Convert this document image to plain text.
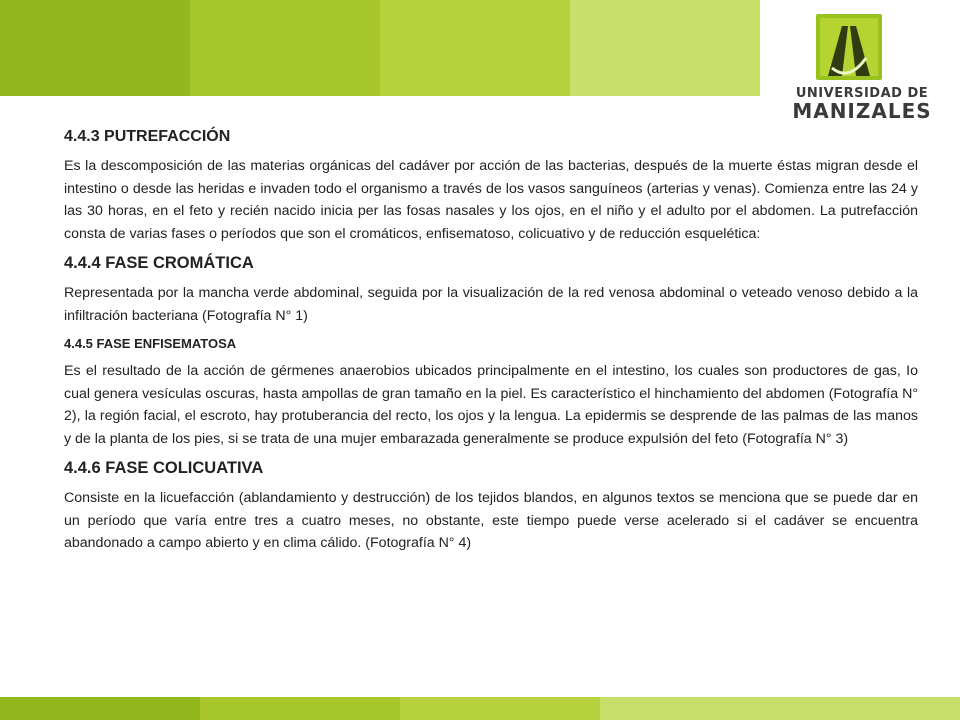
UNIVERSIDAD DE
MANIZALES
4.4.3 PUTREFACCIÓN

Es la descomposición de las materias orgánicas del cadáver por acción de las bacterias, después de la muerte éstas migran desde el intestino o desde las heridas e invaden todo el organismo a través de los vasos sanguíneos (arterias y venas). Comienza entre las 24 y las 30 horas, en el feto y recién nacido inicia per las fosas nasales y los ojos, en el niño y el adulto por el abdomen. La putrefacción consta de varias fases o períodos que son el cromáticos, enfisematoso, colicuativo y de reducción esquelética:

4.4.4 FASE CROMÁTICA

Representada por la mancha verde abdominal, seguida por la visualización de la red venosa abdominal o veteado venoso debido a la infiltración bacteriana (Fotografía N° 1)

4.4.5 FASE ENFISEMATOSA

Es el resultado de la acción de gérmenes anaerobios ubicados principalmente en el intestino, los cuales son productores de gas, Io cual genera vesículas oscuras, hasta ampollas de gran tamaño en la piel. Es característico el hinchamiento del abdomen (Fotografía N° 2), la región facial, el escroto, hay protuberancia del recto, los ojos y la lengua. La epidermis se desprende de las palmas de las manos y de la planta de los pies, si se trata de una mujer embarazada generalmente se produce expulsión del feto (Fotografía N° 3)

4.4.6 FASE COLICUATIVA

Consiste en la licuefacción (ablandamiento y destrucción) de los tejidos blandos, en algunos textos se menciona que se puede dar en un período que varía entre tres a cuatro meses, no obstante, este tiempo puede verse acelerado si el cadáver se encuentra abandonado a campo abierto y en clima cálido. (Fotografía N° 4)
